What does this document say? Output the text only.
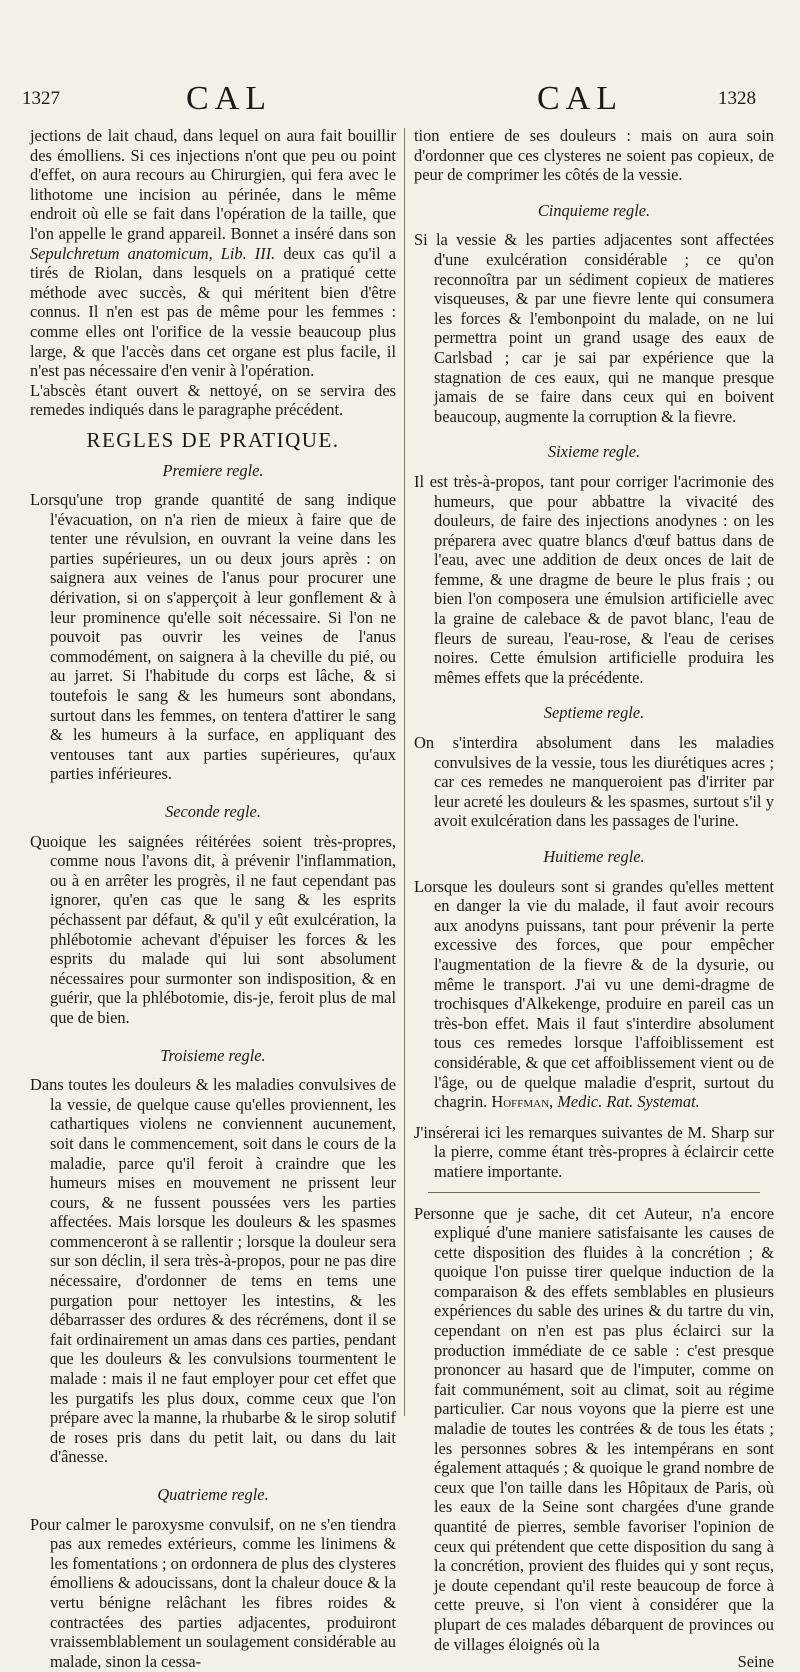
1327	CAL	CAL	1328

jections de lait chaud, dans lequel on aura fait bouillir des émolliens. Si ces injections n'ont que peu ou point d'effet, on aura recours au Chirurgien, qui fera avec le lithotome une incision au périnée, dans le même endroit où elle se fait dans l'opération de la taille, que l'on appelle le grand appareil. Bonnet a inséré dans son Sepulchretum anatomicum, Lib. III. deux cas qu'il a tirés de Riolan, dans lesquels on a pratiqué cette méthode avec succès, & qui méritent bien d'être connus. Il n'en est pas de même pour les femmes : comme elles ont l'orifice de la vessie beaucoup plus large, & que l'accès dans cet organe est plus facile, il n'est pas nécessaire d'en venir à l'opération.

L'abscès étant ouvert & nettoyé, on se servira des remedes indiqués dans le paragraphe précédent.

REGLES DE PRATIQUE.
Premiere regle.

Lorsqu'une trop grande quantité de sang indique l'évacuation, on n'a rien de mieux à faire que de tenter une révulsion, en ouvrant la veine dans les parties supérieures, un ou deux jours après : on saignera aux veines de l'anus pour procurer une dérivation, si on s'apperçoit à leur gonflement & à leur prominence qu'elle soit nécessaire. Si l'on ne pouvoit pas ouvrir les veines de l'anus commodément, on saignera à la cheville du pié, ou au jarret. Si l'habitude du corps est lâche, & si toutefois le sang & les humeurs sont abondans, surtout dans les femmes, on tentera d'attirer le sang & les humeurs à la surface, en appliquant des ventouses tant aux parties supérieures, qu'aux parties inférieures.

Seconde regle.

Quoique les saignées réitérées soient très-propres, comme nous l'avons dit, à prévenir l'inflammation, ou à en arrêter les progrès, il ne faut cependant pas ignorer, qu'en cas que le sang & les esprits péchassent par défaut, & qu'il y eût exulcération, la phlébotomie achevant d'épuiser les forces & les esprits du malade qui lui sont absolument nécessaires pour surmonter son indisposition, & en guérir, que la phlébotomie, dis-je, feroit plus de mal que de bien.

Troisieme regle.

Dans toutes les douleurs & les maladies convulsives de la vessie, de quelque cause qu'elles proviennent, les cathartiques violens ne conviennent aucunement, soit dans le commencement, soit dans le cours de la maladie, parce qu'il feroit à craindre que les humeurs mises en mouvement ne prissent leur cours, & ne fussent poussées vers les parties affectées. Mais lorsque les douleurs & les spasmes commenceront à se rallentir ; lorsque la douleur sera sur son déclin, il sera très-à-propos, pour ne pas dire nécessaire, d'ordonner de tems en tems une purgation pour nettoyer les intestins, & les débarrasser des ordures & des récrémens, dont il se fait ordinairement un amas dans ces parties, pendant que les douleurs & les convulsions tourmentent le malade : mais il ne faut employer pour cet effet que les purgatifs les plus doux, comme ceux que l'on prépare avec la manne, la rhubarbe & le sirop solutif de roses pris dans du petit lait, ou dans du lait d'ânesse.

Quatrieme regle.

Pour calmer le paroxysme convulsif, on ne s'en tiendra pas aux remedes extérieurs, comme les linimens & les fomentations ; on ordonnera de plus des clysteres émolliens & adoucissans, dont la chaleur douce & la vertu bénigne relâchant les fibres roides & contractées des parties adjacentes, produiront vraissemblablement un soulagement considérable au malade, sinon la cessa-

tion entiere de ses douleurs : mais on aura soin d'ordonner que ces clysteres ne soient pas copieux, de peur de comprimer les côtés de la vessie.

Cinquieme regle.

Si la vessie & les parties adjacentes sont affectées d'une exulcération considérable ; ce qu'on reconnoîtra par un sédiment copieux de matieres visqueuses, & par une fievre lente qui consumera les forces & l'embonpoint du malade, on ne lui permettra point un grand usage des eaux de Carlsbad ; car je sai par expérience que la stagnation de ces eaux, qui ne manque presque jamais de se faire dans ceux qui en boivent beaucoup, augmente la corruption & la fievre.

Sixieme regle.

Il est très-à-propos, tant pour corriger l'acrimonie des humeurs, que pour abbattre la vivacité des douleurs, de faire des injections anodynes : on les préparera avec quatre blancs d'œuf battus dans de l'eau, avec une addition de deux onces de lait de femme, & une dragme de beure le plus frais ; ou bien l'on composera une émulsion artificielle avec la graine de calebace & de pavot blanc, l'eau de fleurs de sureau, l'eau-rose, & l'eau de cerises noires. Cette émulsion artificielle produira les mêmes effets que la précédente.

Septieme regle.

On s'interdira absolument dans les maladies convulsives de la vessie, tous les diurétiques acres ; car ces remedes ne manqueroient pas d'irriter par leur acreté les douleurs & les spasmes, surtout s'il y avoit exulcération dans les passages de l'urine.

Huitieme regle.

Lorsque les douleurs sont si grandes qu'elles mettent en danger la vie du malade, il faut avoir recours aux anodyns puissans, tant pour prévenir la perte excessive des forces, que pour empêcher l'augmentation de la fievre & de la dysurie, ou même le transport. J'ai vu une demi-dragme de trochisques d'Alkekenge, produire en pareil cas un très-bon effet. Mais il faut s'interdire absolument tous ces remedes lorsque l'affoiblissement est considérable, & que cet affoiblissement vient ou de l'âge, ou de quelque maladie d'esprit, surtout du chagrin. Hoffman, Medic. Rat. Systemat.

J'insérerai ici les remarques suivantes de M. Sharp sur la pierre, comme étant très-propres à éclaircir cette matiere importante.

Personne que je sache, dit cet Auteur, n'a encore expliqué d'une maniere satisfaisante les causes de cette disposition des fluides à la concrétion ; & quoique l'on puisse tirer quelque induction de la comparaison & des effets semblables en plusieurs expériences du sable des urines & du tartre du vin, cependant on n'en est pas plus éclairci sur la production immédiate de ce sable : c'est presque prononcer au hasard que de l'imputer, comme on fait communément, soit au climat, soit au régime particulier. Car nous voyons que la pierre est une maladie de toutes les contrées & de tous les états ; les personnes sobres & les intempérans en sont également attaqués ; & quoique le grand nombre de ceux que l'on taille dans les Hôpitaux de Paris, où les eaux de la Seine sont chargées d'une grande quantité de pierres, semble favoriser l'opinion de ceux qui prétendent que cette disposition du sang à la concrétion, provient des fluides qui y sont reçus, je doute cependant qu'il reste beaucoup de force à cette preuve, si l'on vient à considérer que la plupart de ces malades débarquent de provinces ou de villages éloignés où la

Seine
